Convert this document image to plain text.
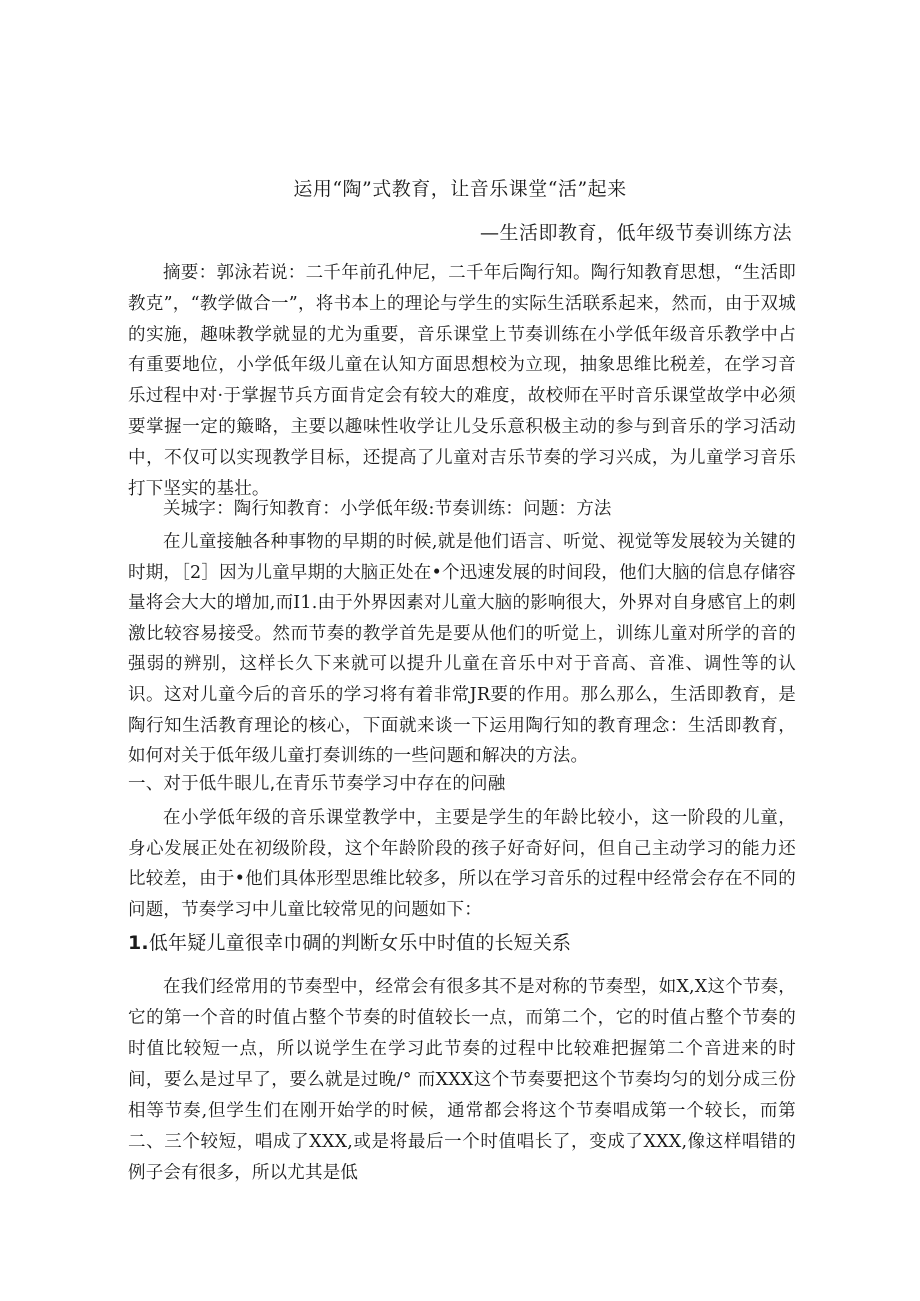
运用“陶”式教育，让音乐课堂“活”起来
—生活即教育，低年级节奏训练方法
摘要：郭泳若说：二千年前孔仲尼，二千年后陶行知。陶行知教育思想，“生活即教克”，“教学做合一”，将书本上的理论与学生的实际生活联系起来，然而，由于双城的实施，趣味教学就显的尤为重要，音乐课堂上节奏训练在小学低年级音乐教学中占有重要地位，小学低年级儿童在认知方面思想校为立现，抽象思维比税差，在学习音乐过程中对·于掌握节兵方面肯定会有较大的难度，故校师在平时音乐课堂故学中必须要掌握一定的簸略，主要以趣味性收学让儿殳乐意积极主动的参与到音乐的学习活动中，不仅可以实现教学目标，还提高了儿童对吉乐节奏的学习兴成，为儿童学习音乐打下坚实的基壮。
关城字：陶行知教育：小学低年级:节奏训练：问题：方法
在儿童接触各种事物的早期的时候,就是他们语言、听觉、视觉等发展较为关键的时期，［2］因为儿童早期的大脑正处在•个迅速发展的时间段，他们大脑的信息存储容量将会大大的增加,而I1.由于外界因素对儿童大脑的影响很大，外界对自身感官上的刺激比较容易接受。然而节奏的教学首先是要从他们的听觉上，训练儿童对所学的音的强弱的辨别，这样长久下来就可以提升儿童在音乐中对于音高、音准、调性等的认识。这对儿童今后的音乐的学习将有着非常JR要的作用。那么那么，生活即教育，是陶行知生活教育理论的核心，下面就来谈一下运用陶行知的教育理念：生活即教育，如何对关于低年级儿童打奏训练的一些问题和解决的方法。
一、对于低牛眼儿,在青乐节奏学习中存在的问融
在小学低年级的音乐课堂教学中，主要是学生的年龄比较小，这一阶段的儿童，身心发展正处在初级阶段，这个年龄阶段的孩子好奇好问，但自己主动学习的能力还比较差，由于•他们具体形型思维比较多，所以在学习音乐的过程中经常会存在不同的问题，节奏学习中儿童比较常见的问题如下：
1.低年疑儿童很幸巾碉的判断女乐中时值的长短关系
在我们经常用的节奏型中，经常会有很多其不是对称的节奏型，如X,X这个节奏，它的第一个音的时值占整个节奏的时值较长一点，而第二个，它的时值占整个节奏的时值比较短一点，所以说学生在学习此节奏的过程中比较难把握第二个音进来的时间，要么是过早了，要么就是过晚/° 而XXX这个节奏要把这个节奏均匀的划分成三份相等节奏,但学生们在刚开始学的时候，通常都会将这个节奏唱成第一个较长，而第二、三个较短，唱成了XXX,或是将最后一个时值唱长了，变成了XXX,像这样唱错的例子会有很多，所以尤其是低
